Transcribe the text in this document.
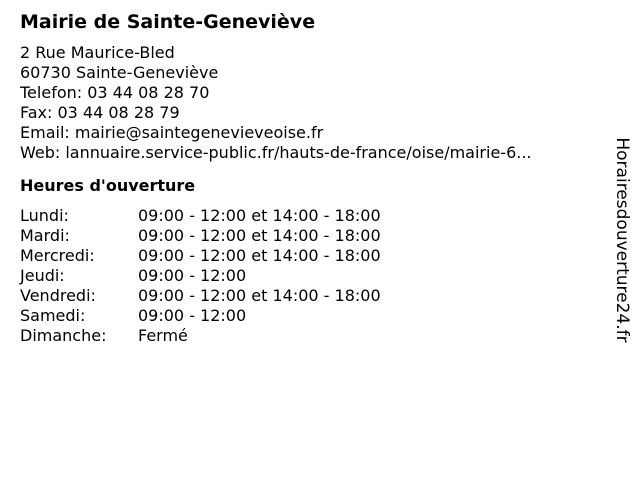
Mairie de Sainte-Geneviève
2 Rue Maurice-Bled
60730 Sainte-Geneviève
Telefon: 03 44 08 28 70
Fax: 03 44 08 28 79
Email: mairie@saintegenevieveoise.fr
Web: lannuaire.service-public.fr/hauts-de-france/oise/mairie-6...
Heures d'ouverture
Lundi:	09:00 - 12:00 et 14:00 - 18:00
Mardi:	09:00 - 12:00 et 14:00 - 18:00
Mercredi:	09:00 - 12:00 et 14:00 - 18:00
Jeudi:	09:00 - 12:00
Vendredi:	09:00 - 12:00 et 14:00 - 18:00
Samedi:	09:00 - 12:00
Dimanche:	Fermé	Horairesdouverture24.fr
